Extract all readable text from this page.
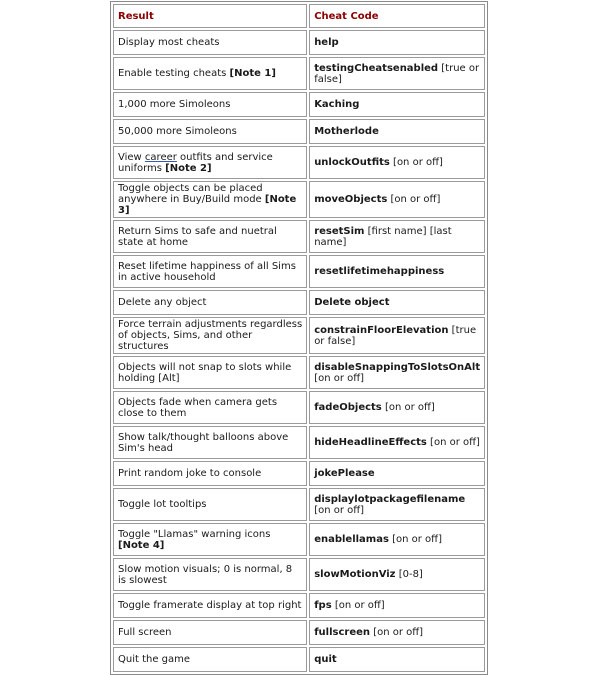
Result	Cheat Code
Display most cheats	help
Enable testing cheats [Note 1]	testingCheatsenabled [true or false]
1,000 more Simoleons	Kaching
50,000 more Simoleons	Motherlode
View career outfits and service uniforms [Note 2]	unlockOutfits [on or off]
Toggle objects can be placed anywhere in Buy/Build mode [Note 3]	moveObjects [on or off]
Return Sims to safe and nuetral state at home	resetSim [first name] [last name]
Reset lifetime happiness of all Sims in active household	resetlifetimehappiness
Delete any object	Delete object
Force terrain adjustments regardless of objects, Sims, and other structures	constrainFloorElevation [true or false]
Objects will not snap to slots while holding [Alt]	disableSnappingToSlotsOnAlt [on or off]
Objects fade when camera gets close to them	fadeObjects [on or off]
Show talk/thought balloons above Sim's head	hideHeadlineEffects [on or off]
Print random joke to console	jokePlease
Toggle lot tooltips	displaylotpackagefilename [on or off]
Toggle "Llamas" warning icons [Note 4]	enablellamas [on or off]
Slow motion visuals; 0 is normal, 8 is slowest	slowMotionViz [0-8]
Toggle framerate display at top right	fps [on or off]
Full screen	fullscreen [on or off]
Quit the game	quit
